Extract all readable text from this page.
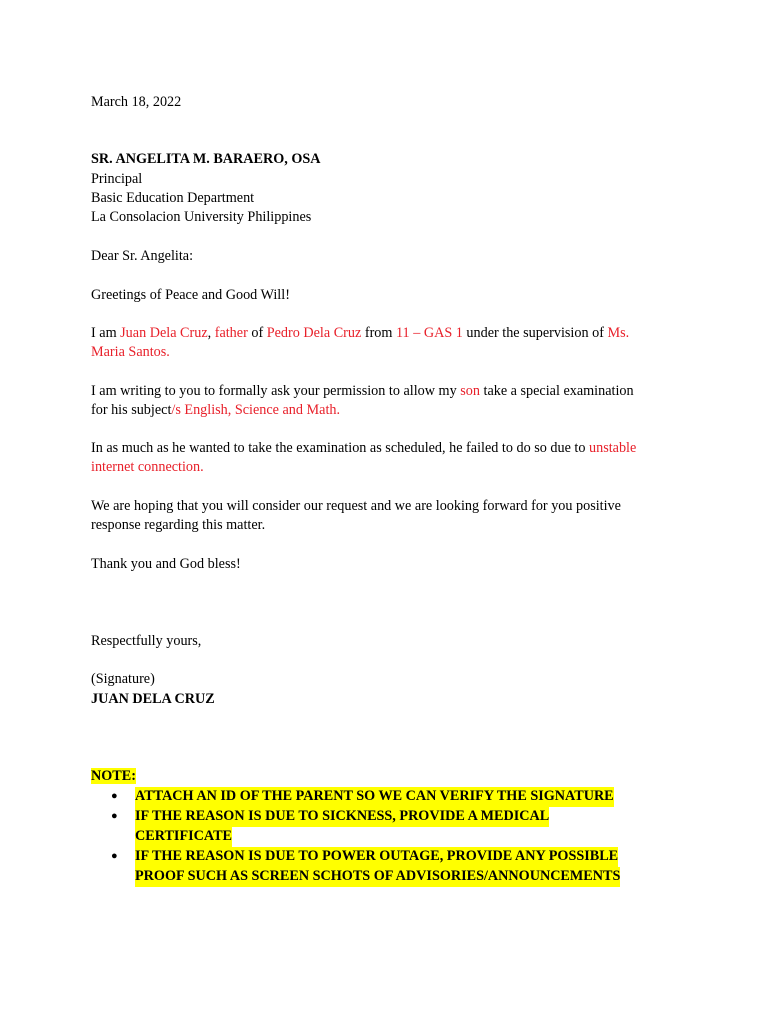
March 18, 2022
SR. ANGELITA M. BARAERO, OSA
Principal
Basic Education Department
La Consolacion University Philippines
Dear Sr. Angelita:
Greetings of Peace and Good Will!
I am Juan Dela Cruz, father of Pedro Dela Cruz from 11 – GAS 1 under the supervision of Ms.
Maria Santos.
I am writing to you to formally ask your permission to allow my son take a special examination
for his subject/s English, Science and Math.
In as much as he wanted to take the examination as scheduled, he failed to do so due to unstable
internet connection.
We are hoping that you will consider our request and we are looking forward for you positive
response regarding this matter.
Thank you and God bless!
Respectfully yours,
(Signature)
JUAN DELA CRUZ
NOTE:
● ATTACH AN ID OF THE PARENT SO WE CAN VERIFY THE SIGNATURE
● IF THE REASON IS DUE TO SICKNESS, PROVIDE A MEDICAL
CERTIFICATE
● IF THE REASON IS DUE TO POWER OUTAGE, PROVIDE ANY POSSIBLE
PROOF SUCH AS SCREEN SCHOTS OF ADVISORIES/ANNOUNCEMENTS
